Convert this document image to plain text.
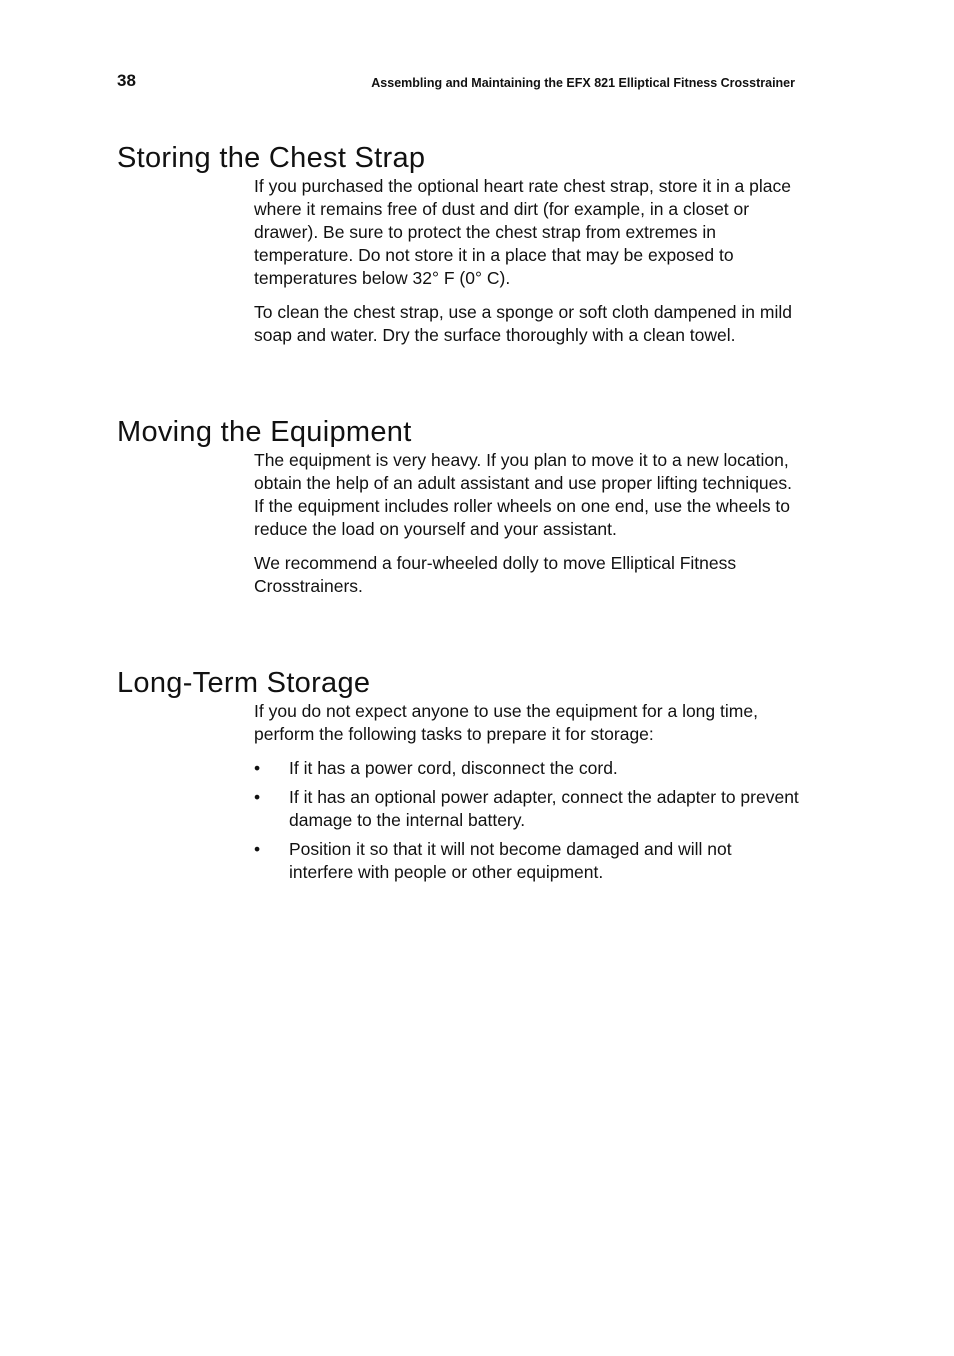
38	Assembling and Maintaining the EFX 821 Elliptical Fitness Crosstrainer
Storing the Chest Strap

If you purchased the optional heart rate chest strap, store it in a place where it remains free of dust and dirt (for example, in a closet or drawer). Be sure to protect the chest strap from extremes in temperature. Do not store it in a place that may be exposed to temperatures below 32° F (0° C).

To clean the chest strap, use a sponge or soft cloth dampened in mild soap and water. Dry the surface thoroughly with a clean towel.

Moving the Equipment

The equipment is very heavy. If you plan to move it to a new location, obtain the help of an adult assistant and use proper lifting techniques. If the equipment includes roller wheels on one end, use the wheels to reduce the load on yourself and your assistant.

We recommend a four-wheeled dolly to move Elliptical Fitness Crosstrainers.

Long-Term Storage

If you do not expect anyone to use the equipment for a long time, perform the following tasks to prepare it for storage:

• If it has a power cord, disconnect the cord.
• If it has an optional power adapter, connect the adapter to prevent damage to the internal battery.
• Position it so that it will not become damaged and will not interfere with people or other equipment.
